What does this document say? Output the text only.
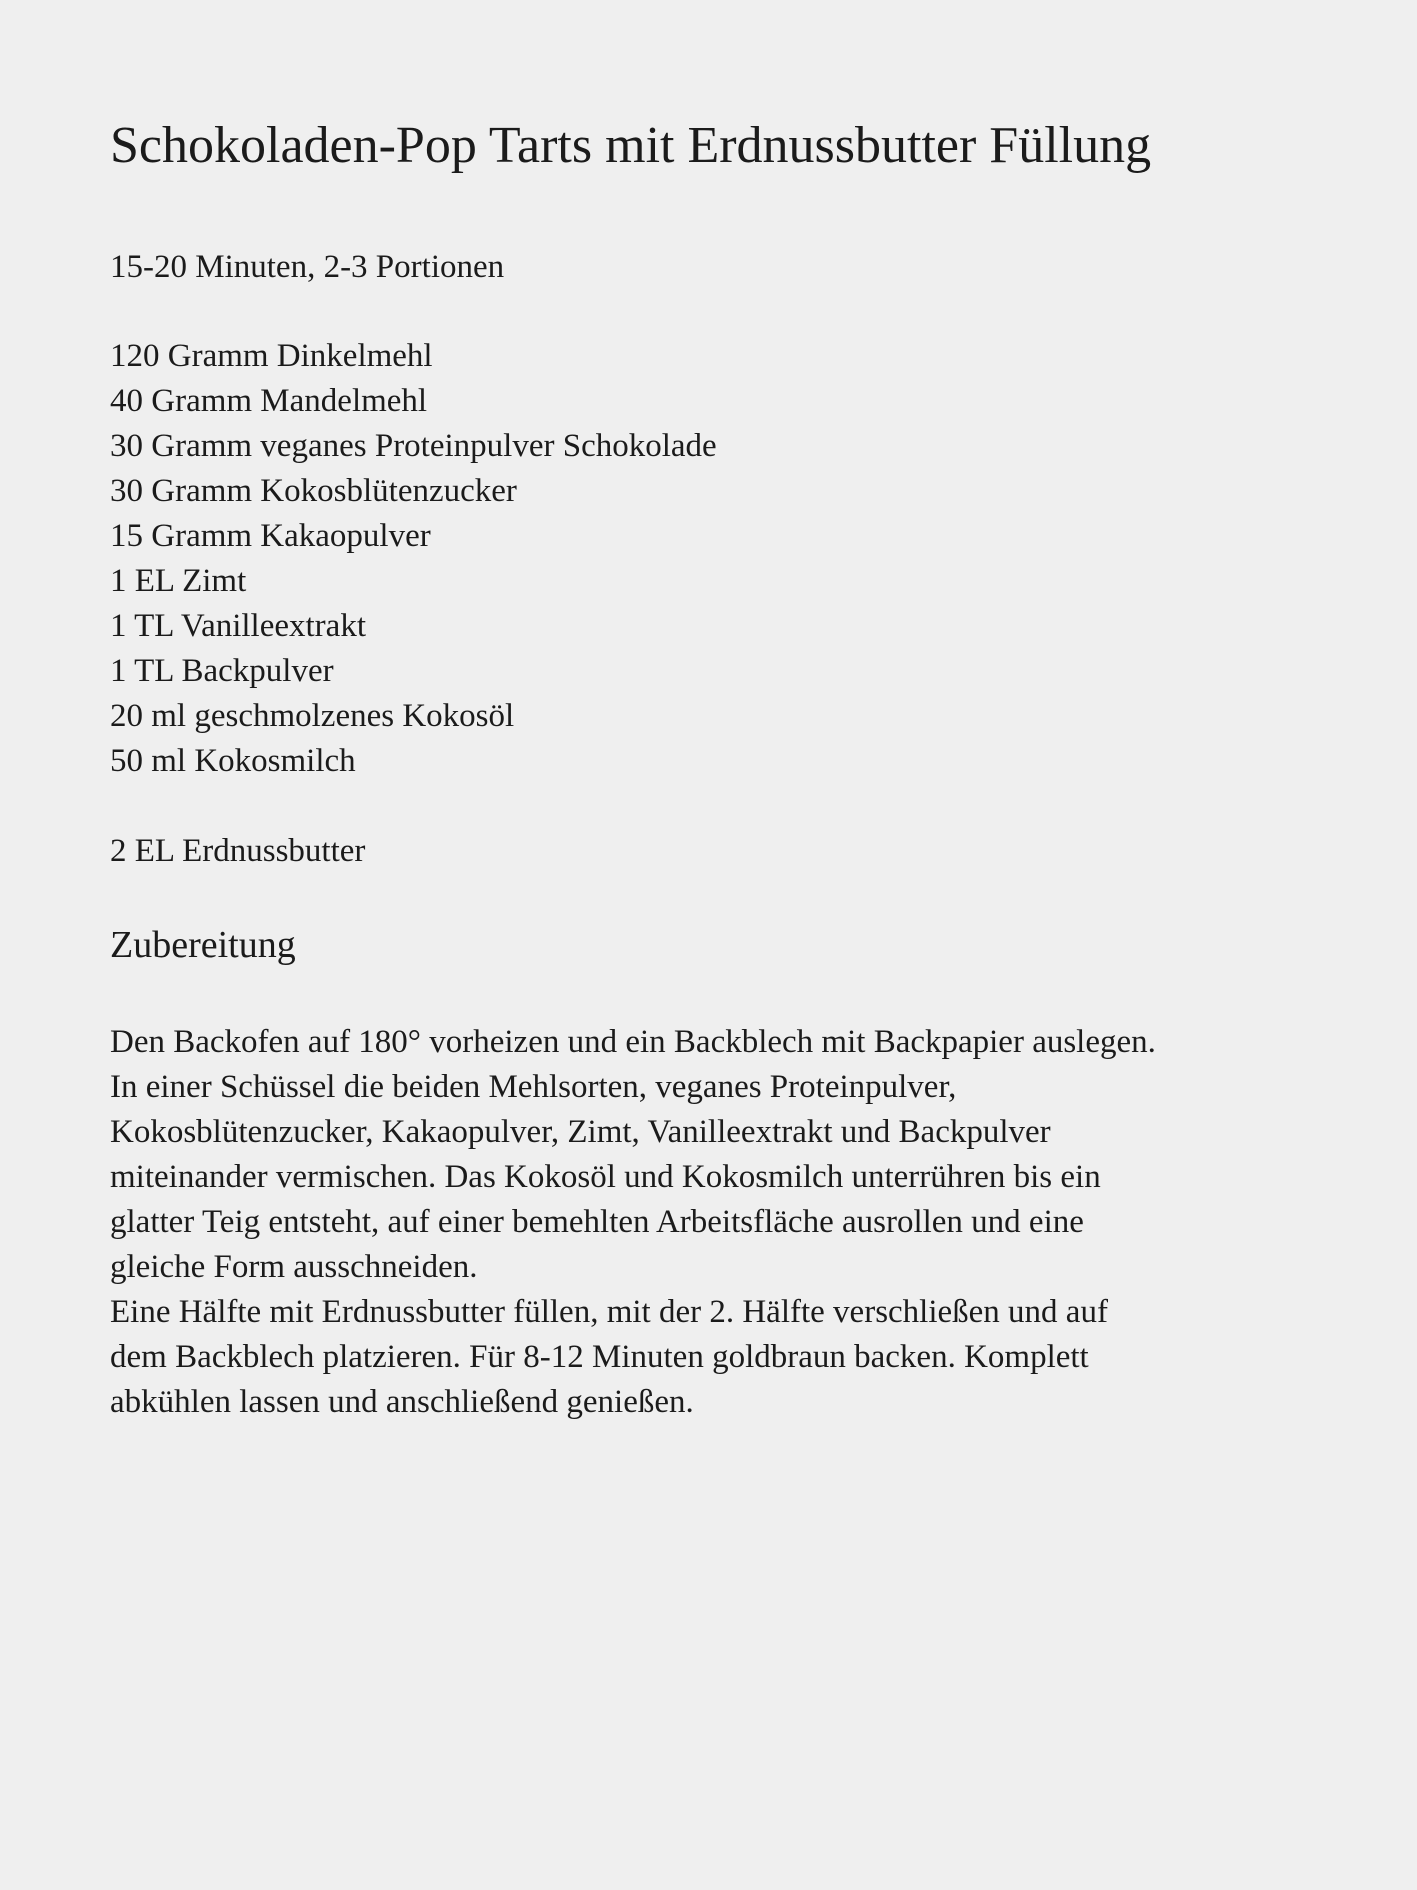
Schokoladen-Pop Tarts mit Erdnussbutter Füllung

15-20 Minuten, 2-3 Portionen

120 Gramm Dinkelmehl
40 Gramm Mandelmehl
30 Gramm veganes Proteinpulver Schokolade
30 Gramm Kokosblütenzucker
15 Gramm Kakaopulver
1 EL Zimt
1 TL Vanilleextrakt
1 TL Backpulver
20 ml geschmolzenes Kokosöl
50 ml Kokosmilch
2 EL Erdnussbutter
Zubereitung

Den Backofen auf 180° vorheizen und ein Backblech mit Backpapier auslegen.
In einer Schüssel die beiden Mehlsorten, veganes Proteinpulver,
Kokosblütenzucker, Kakaopulver, Zimt, Vanilleextrakt und Backpulver
miteinander vermischen. Das Kokosöl und Kokosmilch unterrühren bis ein
glatter Teig entsteht, auf einer bemehlten Arbeitsfläche ausrollen und eine
gleiche Form ausschneiden.

Eine Hälfte mit Erdnussbutter füllen, mit der 2. Hälfte verschließen und auf
dem Backblech platzieren. Für 8-12 Minuten goldbraun backen. Komplett
abkühlen lassen und anschließend genießen.
